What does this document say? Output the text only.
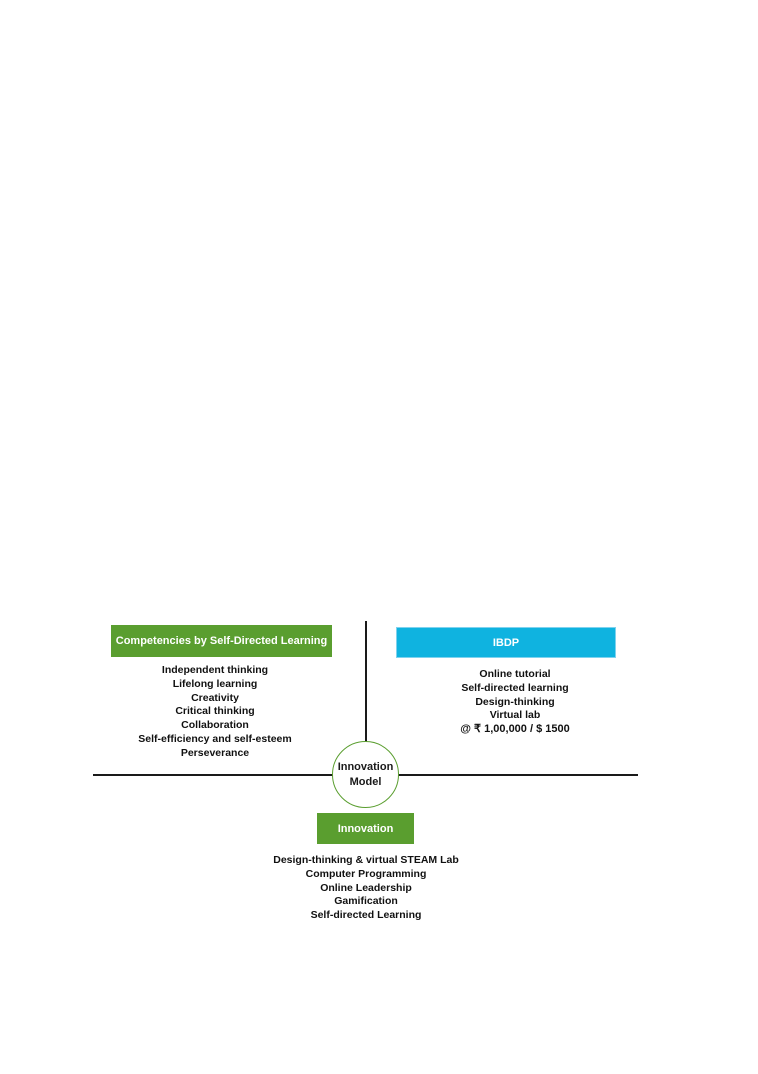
Innovation
Model
Competencies by Self-Directed Learning
Independent thinking
Lifelong learning
Creativity
Critical thinking
Collaboration
Self-efficiency and self-esteem
Perseverance
IBDP
Online tutorial
Self-directed learning
Design-thinking
Virtual lab
@ ₹ 1,00,000 / $ 1500
Innovation
Design-thinking & virtual STEAM Lab
Computer Programming
Online Leadership
Gamification
Self-directed Learning
